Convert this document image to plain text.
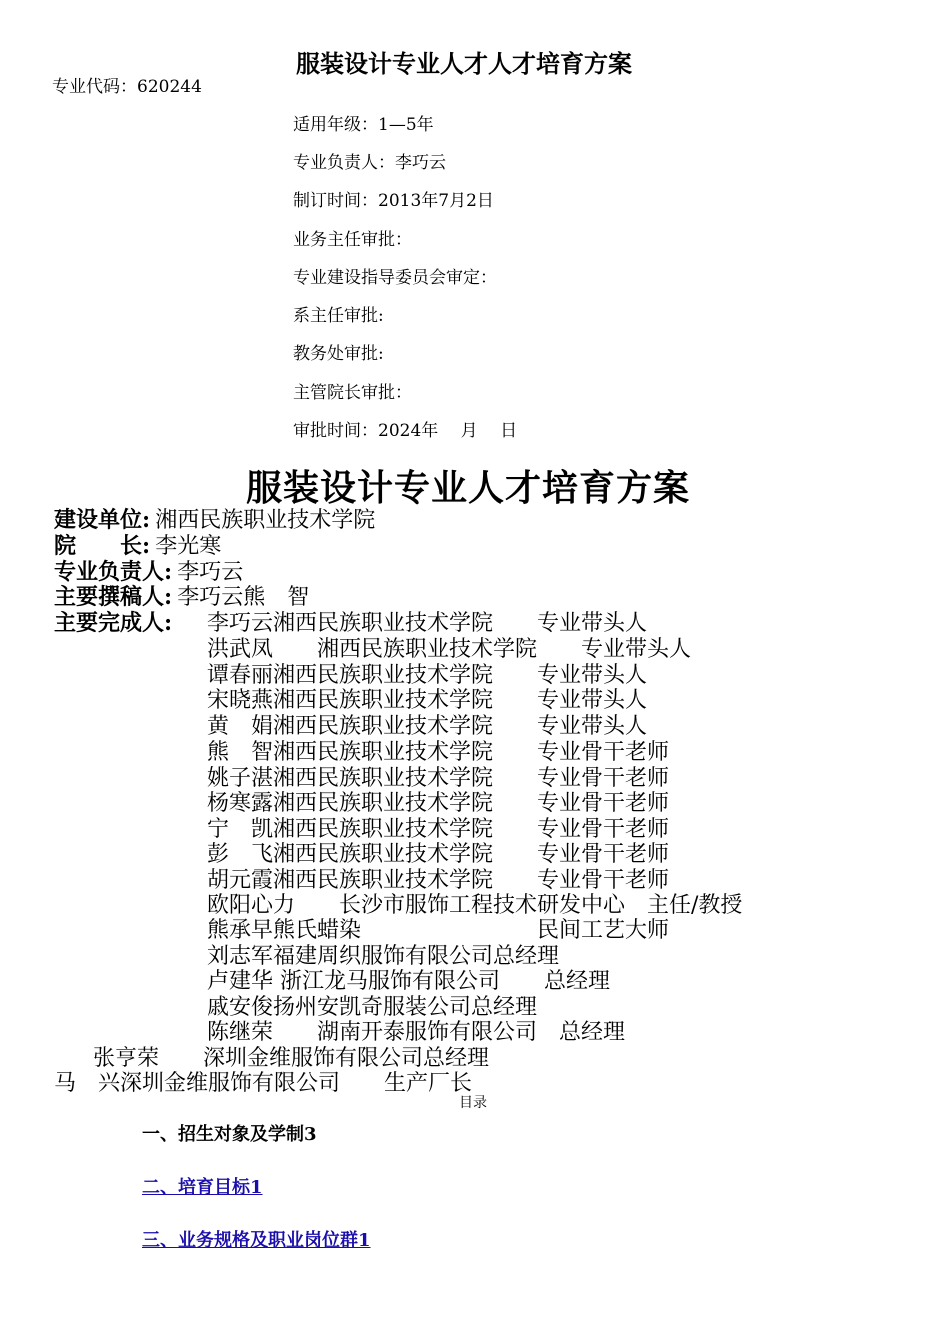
服装设计专业人才人才培育方案
专业代码：620244
适用年级：1—5年
专业负责人：李巧云
制订时间：2013年7月2日
业务主任审批：
专业建设指导委员会审定：
系主任审批:
教务处审批:
主管院长审批：
审批时间：2024年　 月　 日
服装设计专业人才培育方案
建设单位: 湘西民族职业技术学院
院　　长: 李光寒
专业负责人: 李巧云
主要撰稿人: 李巧云熊　智
主要完成人: 李巧云湘西民族职业技术学院　　专业带头人
洪武凤　　湘西民族职业技术学院　　专业带头人
谭春丽湘西民族职业技术学院　　专业带头人
宋晓燕湘西民族职业技术学院　　专业带头人
黄　娟湘西民族职业技术学院　　专业带头人
熊　智湘西民族职业技术学院　　专业骨干老师
姚子湛湘西民族职业技术学院　　专业骨干老师
杨寒露湘西民族职业技术学院　　专业骨干老师
宁　凯湘西民族职业技术学院　　专业骨干老师
彭　飞湘西民族职业技术学院　　专业骨干老师
胡元霞湘西民族职业技术学院　　专业骨干老师
欧阳心力　　长沙市服饰工程技术研发中心　主任/教授
熊承早熊氏蜡染　　　　　　　　民间工艺大师
刘志军福建周织服饰有限公司总经理
卢建华 浙江龙马服饰有限公司　　总经理
戚安俊扬州安凯奇服装公司总经理
陈继荣　　湖南开泰服饰有限公司　总经理
张亨荣　　深圳金维服饰有限公司总经理
马　兴深圳金维服饰有限公司　　生产厂长
目录
一、招生对象及学制3
二、培育目标1
三、业务规格及职业岗位群1
